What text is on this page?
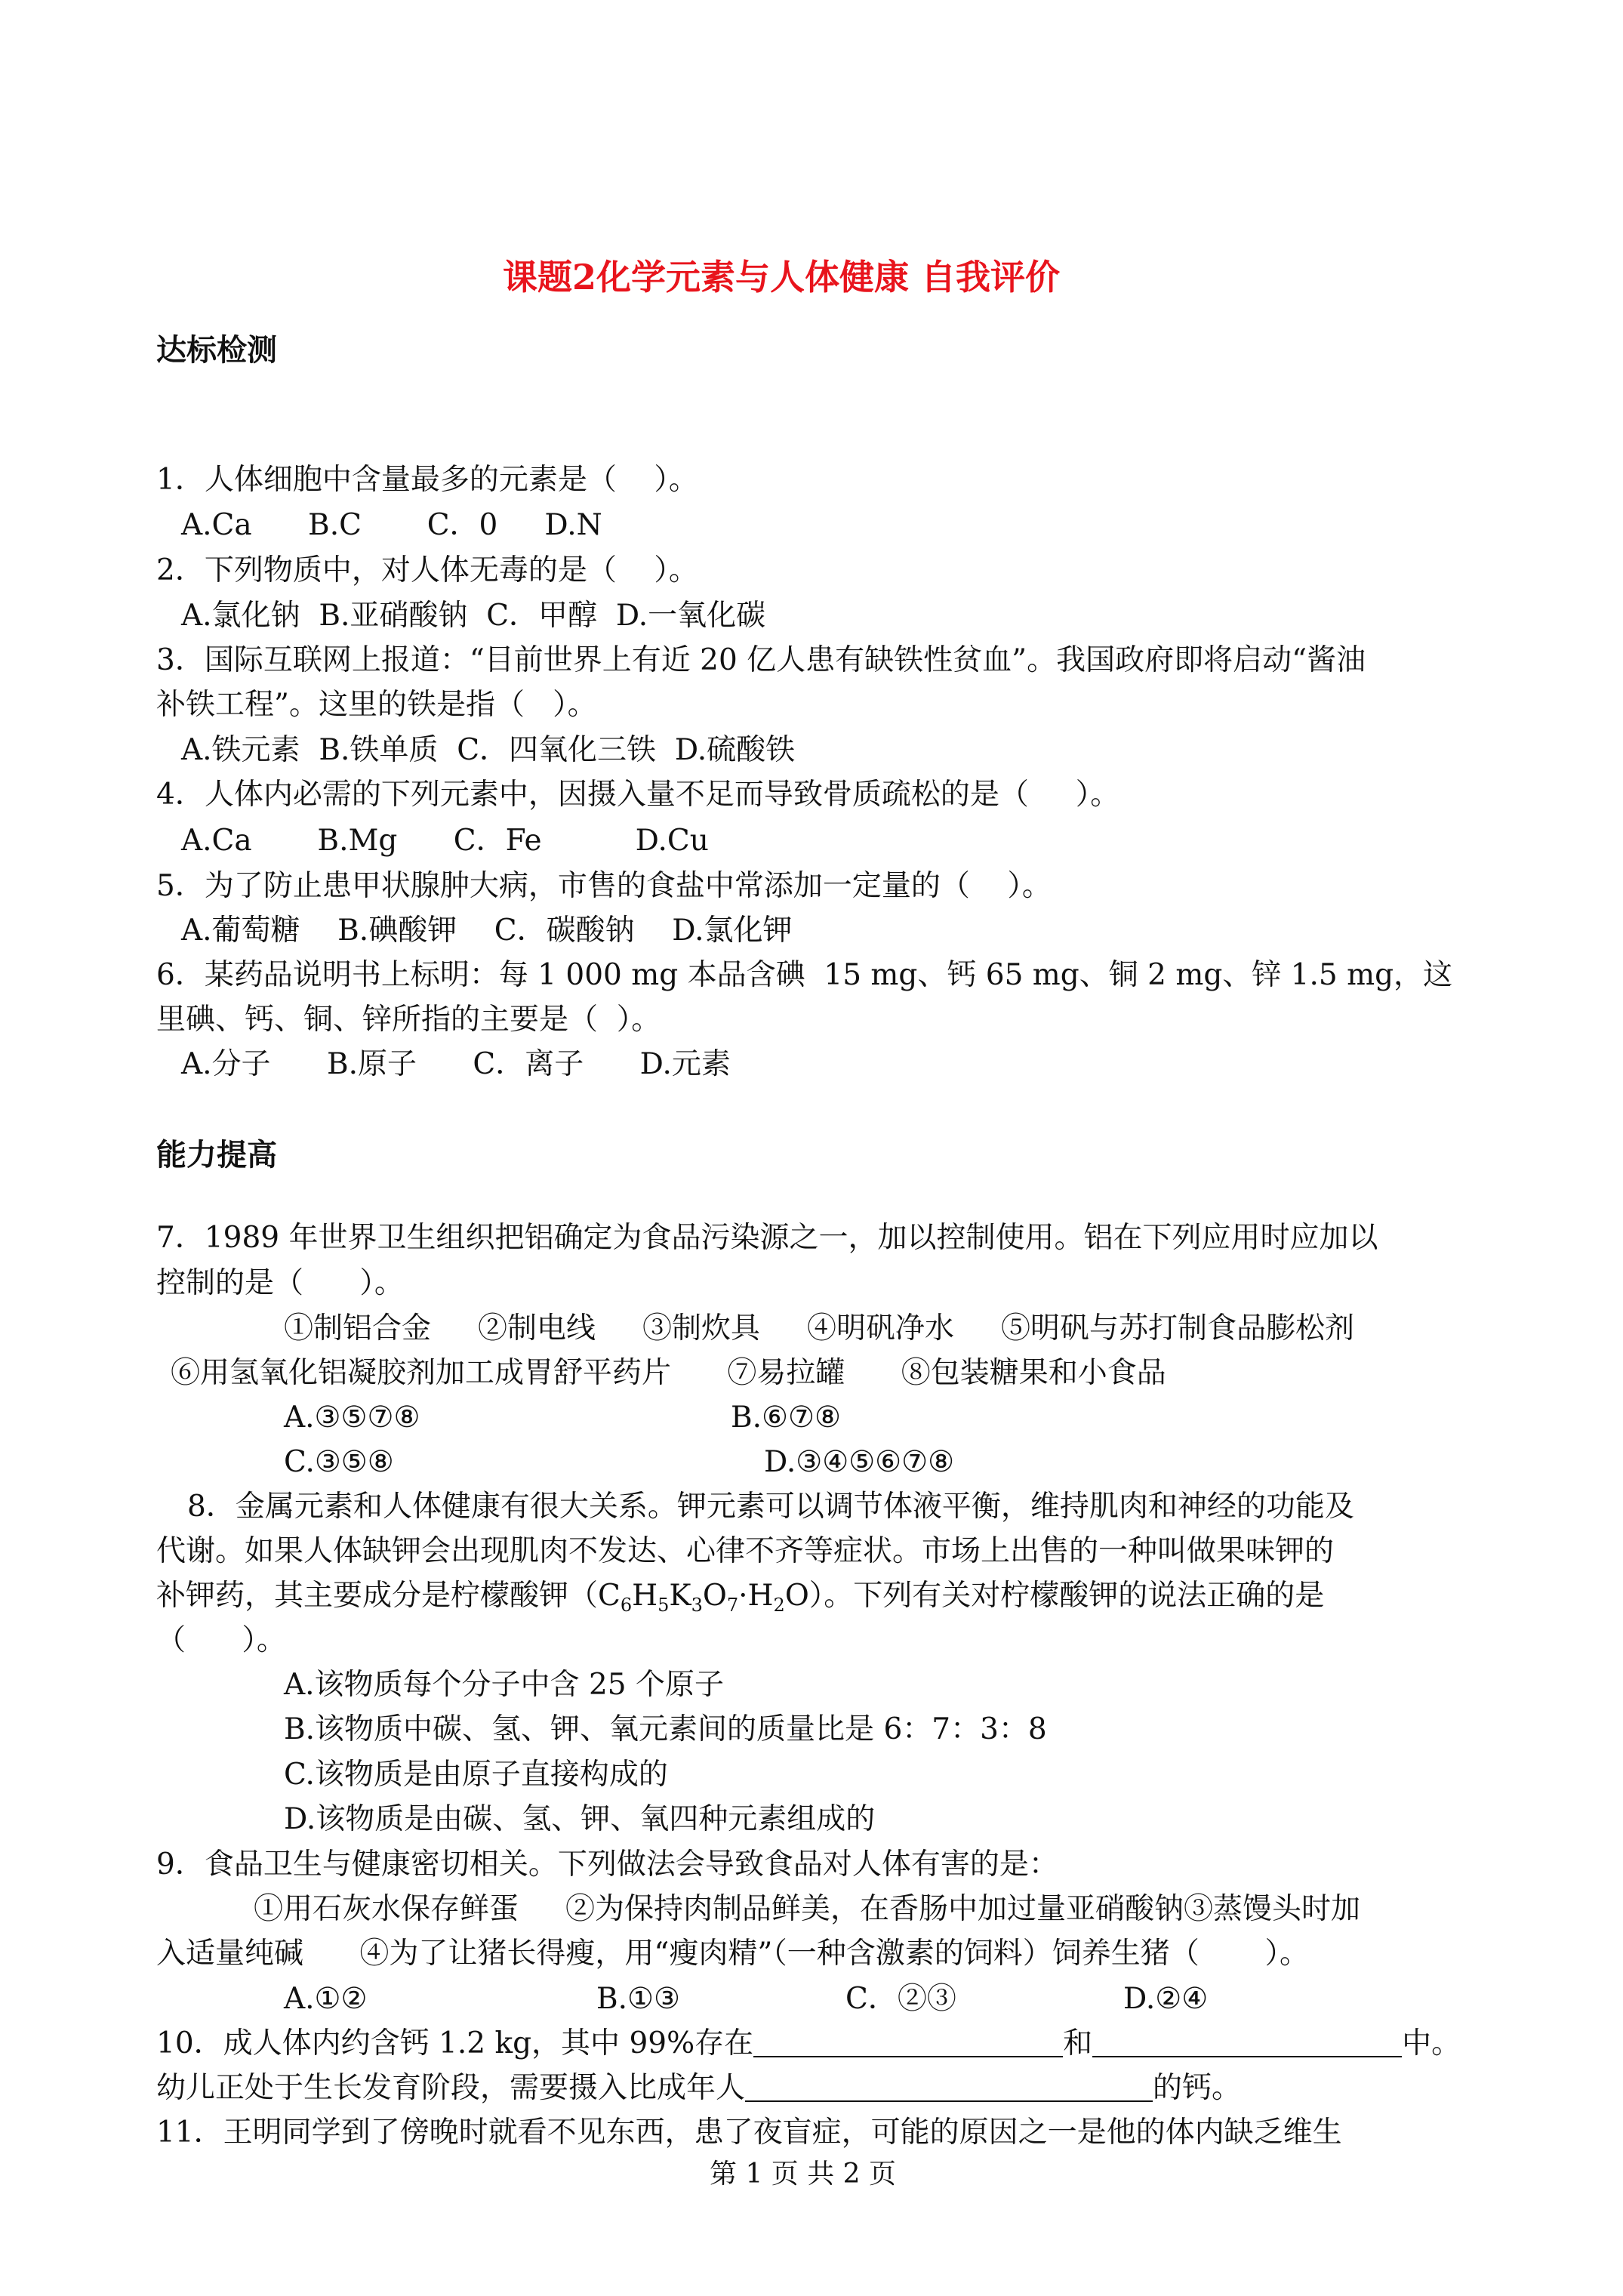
课题2化学元素与人体健康 自我评价
达标检测
1．人体细胞中含量最多的元素是（    ）。
A.Ca      B.C       C．0     D.N
2．下列物质中，对人体无毒的是（    ）。
A.氯化钠  B.亚硝酸钠  C．甲醇  D.一氧化碳
3．国际互联网上报道：“目前世界上有近 20 亿人患有缺铁性贫血”。我国政府即将启动“酱油
补铁工程”。这里的铁是指（   ）。
A.铁元素  B.铁单质  C．四氧化三铁  D.硫酸铁
4．人体内必需的下列元素中，因摄入量不足而导致骨质疏松的是（     ）。
A.Ca       B.Mg      C．Fe          D.Cu
5．为了防止患甲状腺肿大病，市售的食盐中常添加一定量的（    ）。
A.葡萄糖    B.碘酸钾    C．碳酸钠    D.氯化钾
6．某药品说明书上标明：每 1 000 mg 本品含碘  15 mg、钙 65 mg、铜 2 mg、锌 1.5 mg，这
里碘、钙、铜、锌所指的主要是（  ）。
A.分子      B.原子      C．离子      D.元素
能力提高
7．1989 年世界卫生组织把铝确定为食品污染源之一，加以控制使用。铝在下列应用时应加以
控制的是（      ）。
①制铝合金     ②制电线     ③制炊具     ④明矾净水     ⑤明矾与苏打制食品膨松剂
⑥用氢氧化铝凝胶剂加工成胃舒平药片      ⑦易拉罐      ⑧包装糖果和小食品
A.③⑤⑦⑧	B.⑥⑦⑧
C.③⑤⑧	D.③④⑤⑥⑦⑧
8．金属元素和人体健康有很大关系。钾元素可以调节体液平衡，维持肌肉和神经的功能及
代谢。如果人体缺钾会出现肌肉不发达、心律不齐等症状。市场上出售的一种叫做果味钾的
补钾药，其主要成分是柠檬酸钾$(C_6H_5K_3O_7\cdot H_2O)$。下列有关对柠檬酸钾的说法正确的是
（      ）。
A.该物质每个分子中含 25 个原子
B.该物质中碳、氢、钾、氧元素间的质量比是 6：7：3：8
C.该物质是由原子直接构成的
D.该物质是由碳、氢、钾、氧四种元素组成的
9．食品卫生与健康密切相关。下列做法会导致食品对人体有害的是：
①用石灰水保存鲜蛋     ②为保持肉制品鲜美，在香肠中加过量亚硝酸钠③蒸馒头时加
入适量纯碱      ④为了让猪长得瘦，用“瘦肉精”（一种含激素的饲料）饲养生猪（       ）。
A.①②	B.①③	C．②③	D.②④
10．成人体内约含钙 1.2 kg，其中 99%存在	和	中。
幼儿正处于生长发育阶段，需要摄入比成年人	的钙。
11．王明同学到了傍晚时就看不见东西，患了夜盲症，可能的原因之一是他的体内缺乏维生
第 1 页 共 2 页
